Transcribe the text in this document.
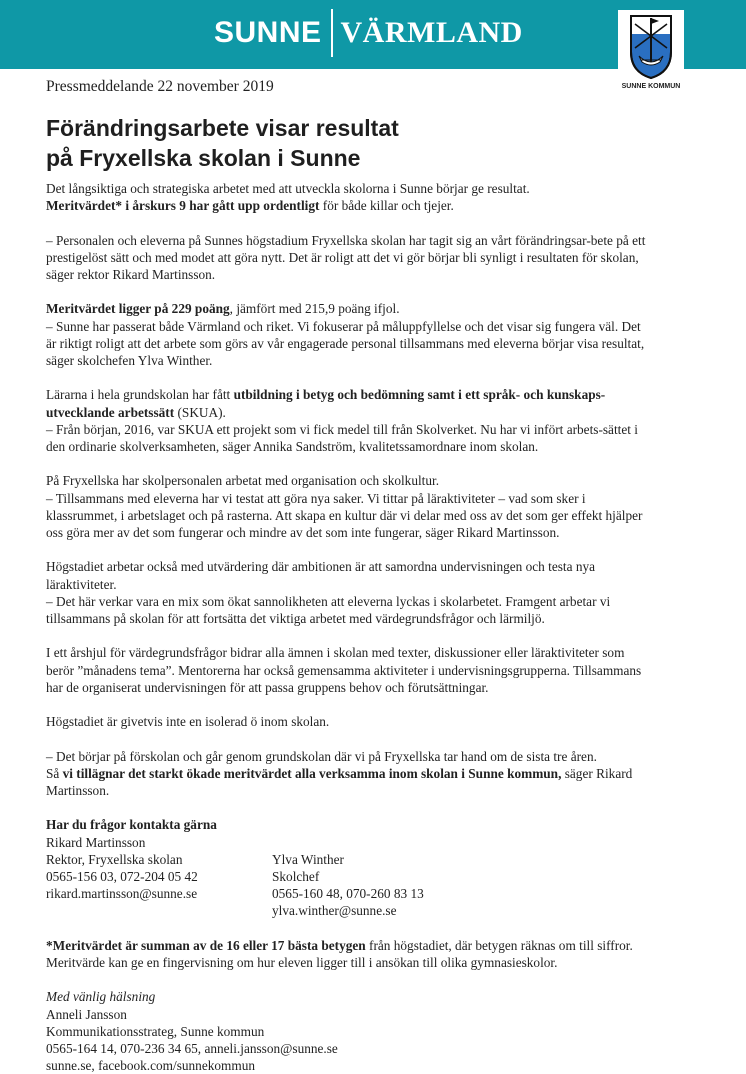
SUNNE VÄRMLAND
SUNNE KOMMUN
Pressmeddelande 22 november 2019
Förändringsarbete visar resultat
på Fryxellska skolan i Sunne

Det långsiktiga och strategiska arbetet med att utveckla skolorna i Sunne börjar ge resultat.
Meritvärdet* i årskurs 9 har gått upp ordentligt för både killar och tjejer.

– Personalen och eleverna på Sunnes högstadium Fryxellska skolan har tagit sig an vårt förändringsar-bete på ett prestigelöst sätt och med modet att göra nytt. Det är roligt att det vi gör börjar bli synligt i resultaten för skolan, säger rektor Rikard Martinsson.

Meritvärdet ligger på 229 poäng, jämfört med 215,9 poäng ifjol.
– Sunne har passerat både Värmland och riket. Vi fokuserar på måluppfyllelse och det visar sig fungera väl. Det är riktigt roligt att det arbete som görs av vår engagerade personal tillsammans med eleverna börjar visa resultat, säger skolchefen Ylva Winther.

Lärarna i hela grundskolan har fått utbildning i betyg och bedömning samt i ett språk- och kunskaps-utvecklande arbetssätt (SKUA).
– Från början, 2016, var SKUA ett projekt som vi fick medel till från Skolverket. Nu har vi infört arbets-sättet i den ordinarie skolverksamheten, säger Annika Sandström, kvalitetssamordnare inom skolan.

På Fryxellska har skolpersonalen arbetat med organisation och skolkultur.
– Tillsammans med eleverna har vi testat att göra nya saker. Vi tittar på läraktiviteter – vad som sker i klassrummet, i arbetslaget och på rasterna. Att skapa en kultur där vi delar med oss av det som ger effekt hjälper oss göra mer av det som fungerar och mindre av det som inte fungerar, säger Rikard Martinsson.

Högstadiet arbetar också med utvärdering där ambitionen är att samordna undervisningen och testa nya läraktiviteter.
– Det här verkar vara en mix som ökat sannolikheten att eleverna lyckas i skolarbetet. Framgent arbetar vi tillsammans på skolan för att fortsätta det viktiga arbetet med värdegrundsfrågor och lärmiljö.

I ett årshjul för värdegrundsfrågor bidrar alla ämnen i skolan med texter, diskussioner eller läraktiviteter som berör ”månadens tema”. Mentorerna har också gemensamma aktiviteter i undervisningsgrupperna. Tillsammans har de organiserat undervisningen för att passa gruppens behov och förutsättningar.

Högstadiet är givetvis inte en isolerad ö inom skolan.

– Det börjar på förskolan och går genom grundskolan där vi på Fryxellska tar hand om de sista tre åren.
Så vi tillägnar det starkt ökade meritvärdet alla verksamma inom skolan i Sunne kommun, säger Rikard Martinsson.

Har du frågor kontakta gärna
Rikard Martinsson
Rektor, Fryxellska skolan
0565-156 03, 072-204 05 42
rikard.martinsson@sunne.se
Ylva Winther
Skolchef
0565-160 48, 070-260 83 13
ylva.winther@sunne.se

*Meritvärdet är summan av de 16 eller 17 bästa betygen från högstadiet, där betygen räknas om till siffror.
Meritvärde kan ge en fingervisning om hur eleven ligger till i ansökan till olika gymnasieskolor.

Med vänlig hälsning
Anneli Jansson
Kommunikationsstrateg, Sunne kommun
0565-164 14, 070-236 34 65, anneli.jansson@sunne.se
sunne.se, facebook.com/sunnekommun
